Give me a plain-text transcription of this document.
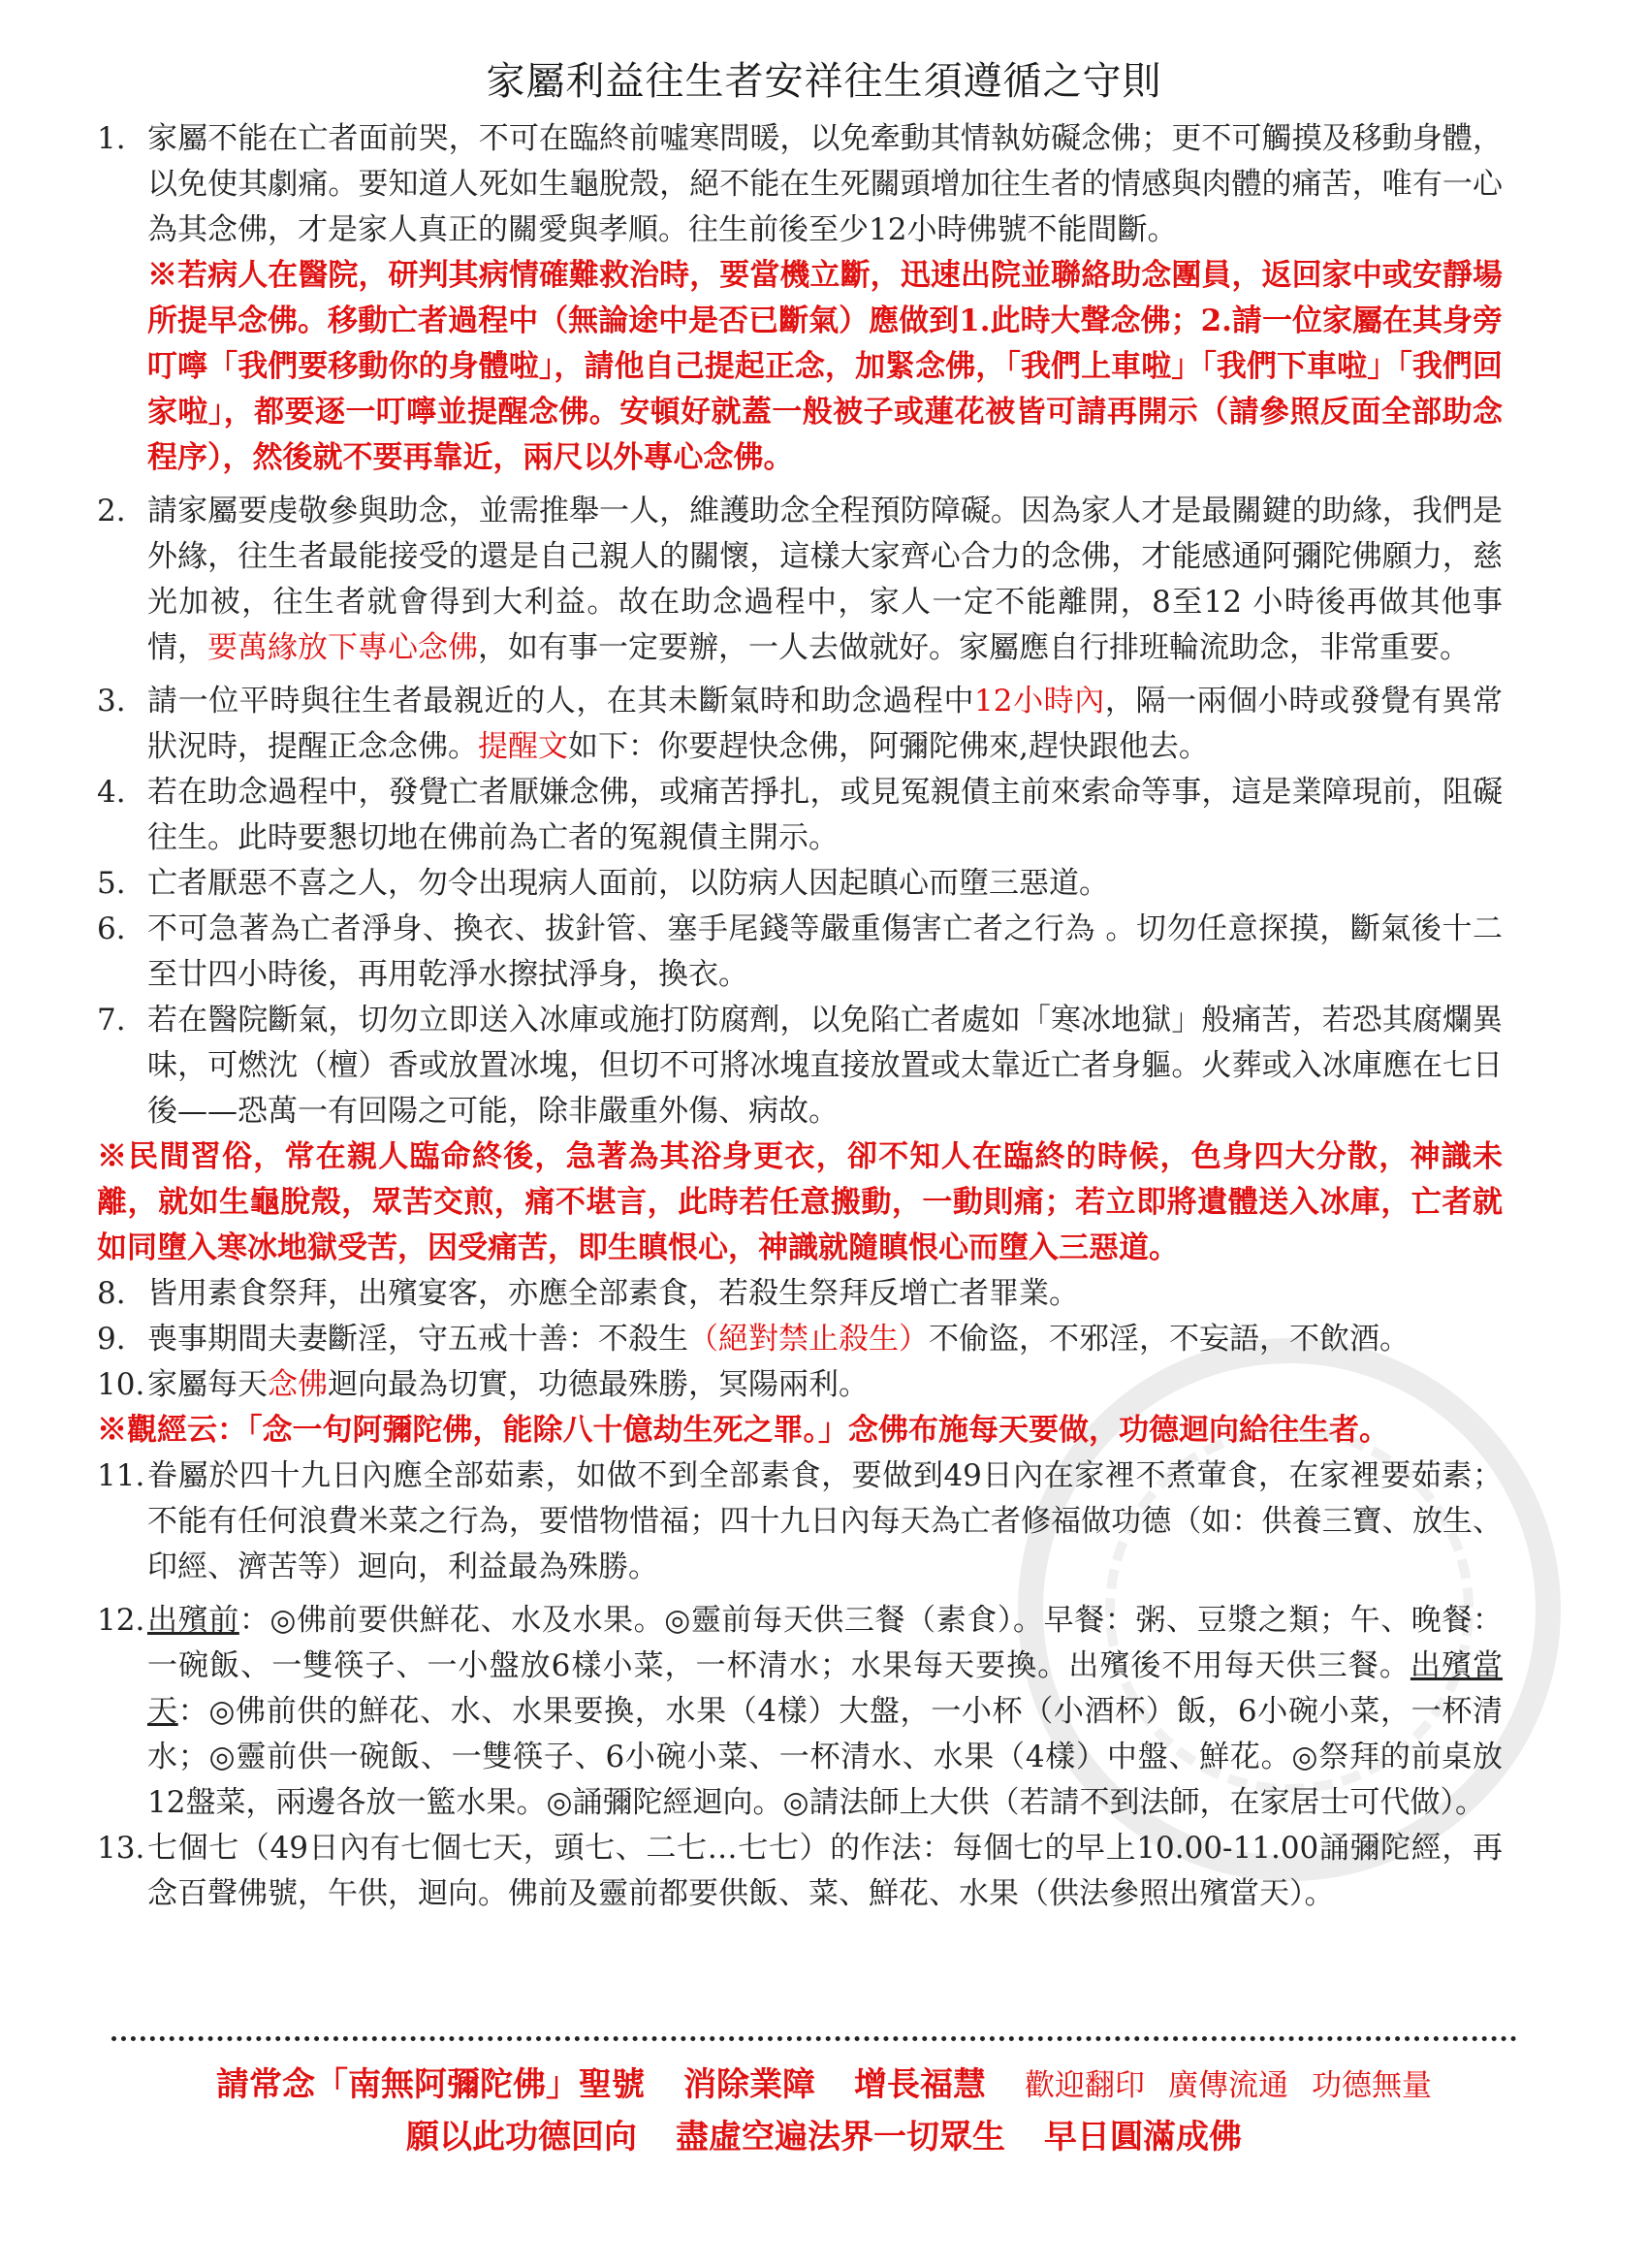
家屬利益往生者安祥往生須遵循之守則
1. 家屬不能在亡者面前哭，不可在臨終前噓寒問暖，以免牽動其情執妨礙念佛；更不可觸摸及移動身體，以免使其劇痛。要知道人死如生龜脫殼，絕不能在生死關頭增加往生者的情感與肉體的痛苦，唯有一心為其念佛，才是家人真正的關愛與孝順。往生前後至少12小時佛號不能間斷。
※若病人在醫院，研判其病情確難救治時，要當機立斷，迅速出院並聯絡助念團員，返回家中或安靜場所提早念佛。移動亡者過程中（無論途中是否已斷氣）應做到1.此時大聲念佛；2.請一位家屬在其身旁叮嚀「我們要移動你的身體啦」，請他自己提起正念，加緊念佛，「我們上車啦」「我們下車啦」「我們回家啦」，都要逐一叮嚀並提醒念佛。安頓好就蓋一般被子或蓮花被皆可請再開示（請參照反面全部助念程序），然後就不要再靠近，兩尺以外專心念佛。
2. 請家屬要虔敬參與助念，並需推舉一人，維護助念全程預防障礙。因為家人才是最關鍵的助緣，我們是外緣，往生者最能接受的還是自己親人的關懷，這樣大家齊心合力的念佛，才能感通阿彌陀佛願力，慈光加被，往生者就會得到大利益。故在助念過程中，家人一定不能離開，8至12 小時後再做其他事情，要萬緣放下專心念佛，如有事一定要辦，一人去做就好。家屬應自行排班輪流助念，非常重要。
3. 請一位平時與往生者最親近的人，在其未斷氣時和助念過程中12小時內，隔一兩個小時或發覺有異常狀況時，提醒正念念佛。提醒文如下：你要趕快念佛，阿彌陀佛來,趕快跟他去。
4. 若在助念過程中，發覺亡者厭嫌念佛，或痛苦掙扎，或見冤親債主前來索命等事，這是業障現前，阻礙往生。此時要懇切地在佛前為亡者的冤親債主開示。
5. 亡者厭惡不喜之人，勿令出現病人面前，以防病人因起瞋心而墮三惡道。
6. 不可急著為亡者淨身、換衣、拔針管、塞手尾錢等嚴重傷害亡者之行為 。切勿任意探摸，斷氣後十二至廿四小時後，再用乾淨水擦拭淨身，換衣。
7. 若在醫院斷氣，切勿立即送入冰庫或施打防腐劑，以免陷亡者處如「寒冰地獄」般痛苦，若恐其腐爛異味，可燃沈（檀）香或放置冰塊，但切不可將冰塊直接放置或太靠近亡者身軀。火葬或入冰庫應在七日後——恐萬一有回陽之可能，除非嚴重外傷、病故。
※民間習俗，常在親人臨命終後，急著為其浴身更衣，卻不知人在臨終的時候，色身四大分散，神識未離，就如生龜脫殼，眾苦交煎，痛不堪言，此時若任意搬動，一動則痛；若立即將遺體送入冰庫，亡者就如同墮入寒冰地獄受苦，因受痛苦，即生瞋恨心，神識就隨瞋恨心而墮入三惡道。
8. 皆用素食祭拜，出殯宴客，亦應全部素食，若殺生祭拜反增亡者罪業。
9. 喪事期間夫妻斷淫，守五戒十善：不殺生（絕對禁止殺生）不偷盜，不邪淫，不妄語，不飲酒。
10. 家屬每天念佛迴向最為切實，功德最殊勝，冥陽兩利。
※觀經云：「念一句阿彌陀佛，能除八十億劫生死之罪。」念佛布施每天要做，功德迴向給往生者。
11. 眷屬於四十九日內應全部茹素，如做不到全部素食，要做到49日內在家裡不煮葷食，在家裡要茹素；不能有任何浪費米菜之行為，要惜物惜福；四十九日內每天為亡者修福做功德（如：供養三寶、放生、印經、濟苦等）迴向，利益最為殊勝。
12. 出殯前：◎佛前要供鮮花、水及水果。◎靈前每天供三餐（素食）。早餐：粥、豆漿之類；午、晚餐：一碗飯、一雙筷子、一小盤放6樣小菜，一杯清水；水果每天要換。出殯後不用每天供三餐。出殯當天：◎佛前供的鮮花、水、水果要換，水果（4樣）大盤，一小杯（小酒杯）飯，6小碗小菜，一杯清水；◎靈前供一碗飯、一雙筷子、6小碗小菜、一杯清水、水果（4樣）中盤、鮮花。◎祭拜的前桌放12盤菜，兩邊各放一籃水果。◎誦彌陀經迴向。◎請法師上大供（若請不到法師，在家居士可代做）。
13. 七個七（49日內有七個七天，頭七、二七…七七）的作法：每個七的早上10.00-11.00誦彌陀經，再念百聲佛號，午供，迴向。佛前及靈前都要供飯、菜、鮮花、水果（供法參照出殯當天）。
請常念「南無阿彌陀佛」聖號 消除業障 增長福慧 歡迎翻印 廣傳流通 功德無量
願以此功德回向 盡虛空遍法界一切眾生 早日圓滿成佛
